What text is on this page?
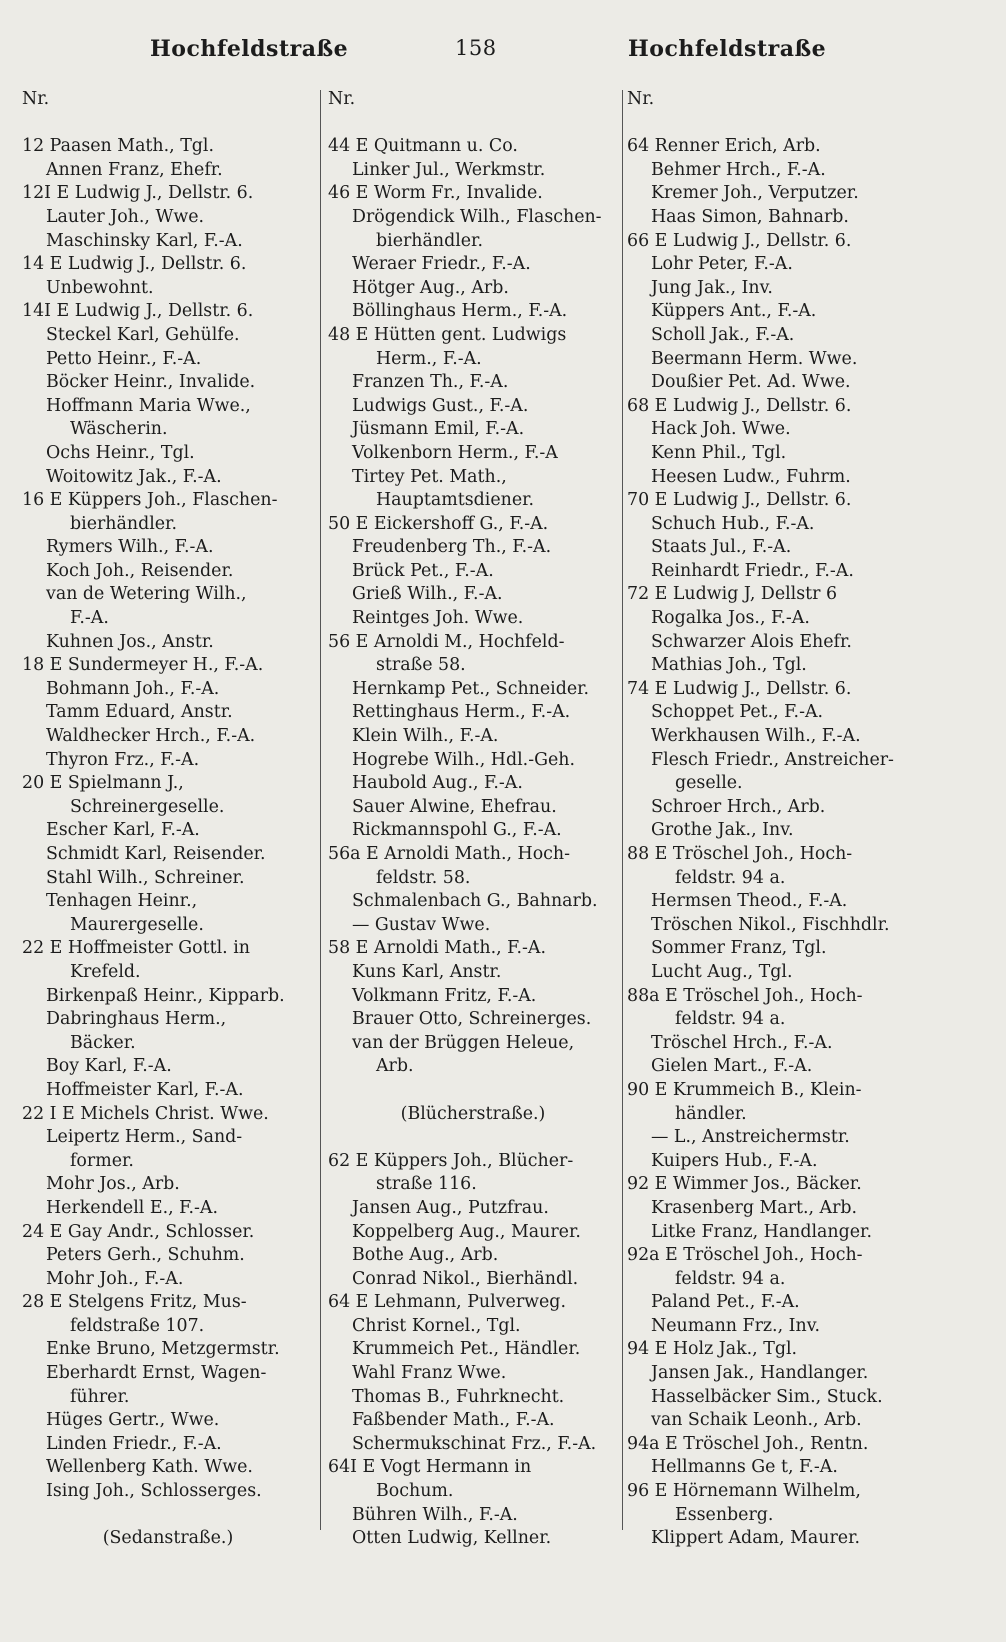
Hochfeldstraße	158	Hochfeldstraße
Nr.
12 Paasen Math., Tgl.
Annen Franz, Ehefr.
12I E Ludwig J., Dellstr. 6.
Lauter Joh., Wwe.
Maschinsky Karl, F.-A.
14 E Ludwig J., Dellstr. 6.
Unbewohnt.
14I E Ludwig J., Dellstr. 6.
Steckel Karl, Gehülfe.
Petto Heinr., F.-A.
Böcker Heinr., Invalide.
Hoffmann Maria Wwe.,
Wäscherin.
Ochs Heinr., Tgl.
Woitowitz Jak., F.-A.
16 E Küppers Joh., Flaschen-
bierhändler.
Rymers Wilh., F.-A.
Koch Joh., Reisender.
van de Wetering Wilh.,
F.-A.
Kuhnen Jos., Anstr.
18 E Sundermeyer H., F.-A.
Bohmann Joh., F.-A.
Tamm Eduard, Anstr.
Waldhecker Hrch., F.-A.
Thyron Frz., F.-A.
20 E Spielmann J.,
Schreinergeselle.
Escher Karl, F.-A.
Schmidt Karl, Reisender.
Stahl Wilh., Schreiner.
Tenhagen Heinr.,
Maurergeselle.
22 E Hoffmeister Gottl. in
Krefeld.
Birkenpaß Heinr., Kipparb.
Dabringhaus Herm.,
Bäcker.
Boy Karl, F.-A.
Hoffmeister Karl, F.-A.
22 I E Michels Christ. Wwe.
Leipertz Herm., Sand-
former.
Mohr Jos., Arb.
Herkendell E., F.-A.
24 E Gay Andr., Schlosser.
Peters Gerh., Schuhm.
Mohr Joh., F.-A.
28 E Stelgens Fritz, Mus-
feldstraße 107.
Enke Bruno, Metzgermstr.
Eberhardt Ernst, Wagen-
führer.
Hüges Gertr., Wwe.
Linden Friedr., F.-A.
Wellenberg Kath. Wwe.
Ising Joh., Schlosserges.
(Sedanstraße.)
Nr.
44 E Quitmann u. Co.
Linker Jul., Werkmstr.
46 E Worm Fr., Invalide.
Drögendick Wilh., Flaschen-
bierhändler.
Weraer Friedr., F.-A.
Hötger Aug., Arb.
Böllinghaus Herm., F.-A.
48 E Hütten gent. Ludwigs
Herm., F.-A.
Franzen Th., F.-A.
Ludwigs Gust., F.-A.
Jüsmann Emil, F.-A.
Volkenborn Herm., F.-A
Tirtey Pet. Math.,
Hauptamtsdiener.
50 E Eickershoff G., F.-A.
Freudenberg Th., F.-A.
Brück Pet., F.-A.
Grieß Wilh., F.-A.
Reintges Joh. Wwe.
56 E Arnoldi M., Hochfeld-
straße 58.
Hernkamp Pet., Schneider.
Rettinghaus Herm., F.-A.
Klein Wilh., F.-A.
Hogrebe Wilh., Hdl.-Geh.
Haubold Aug., F.-A.
Sauer Alwine, Ehefrau.
Rickmannspohl G., F.-A.
56a E Arnoldi Math., Hoch-
feldstr. 58.
Schmalenbach G., Bahnarb.
— Gustav Wwe.
58 E Arnoldi Math., F.-A.
Kuns Karl, Anstr.
Volkmann Fritz, F.-A.
Brauer Otto, Schreinerges.
van der Brüggen Heleue,
Arb.
(Blücherstraße.)
62 E Küppers Joh., Blücher-
straße 116.
Jansen Aug., Putzfrau.
Koppelberg Aug., Maurer.
Bothe Aug., Arb.
Conrad Nikol., Bierhändl.
64 E Lehmann, Pulverweg.
Christ Kornel., Tgl.
Krummeich Pet., Händler.
Wahl Franz Wwe.
Thomas B., Fuhrknecht.
Faßbender Math., F.-A.
Schermukschinat Frz., F.-A.
64I E Vogt Hermann in
Bochum.
Bühren Wilh., F.-A.
Otten Ludwig, Kellner.
Nr.
64 Renner Erich, Arb.
Behmer Hrch., F.-A.
Kremer Joh., Verputzer.
Haas Simon, Bahnarb.
66 E Ludwig J., Dellstr. 6.
Lohr Peter, F.-A.
Jung Jak., Inv.
Küppers Ant., F.-A.
Scholl Jak., F.-A.
Beermann Herm. Wwe.
Doußier Pet. Ad. Wwe.
68 E Ludwig J., Dellstr. 6.
Hack Joh. Wwe.
Kenn Phil., Tgl.
Heesen Ludw., Fuhrm.
70 E Ludwig J., Dellstr. 6.
Schuch Hub., F.-A.
Staats Jul., F.-A.
Reinhardt Friedr., F.-A.
72 E Ludwig J, Dellstr 6
Rogalka Jos., F.-A.
Schwarzer Alois Ehefr.
Mathias Joh., Tgl.
74 E Ludwig J., Dellstr. 6.
Schoppet Pet., F.-A.
Werkhausen Wilh., F.-A.
Flesch Friedr., Anstreicher-
geselle.
Schroer Hrch., Arb.
Grothe Jak., Inv.
88 E Tröschel Joh., Hoch-
feldstr. 94 a.
Hermsen Theod., F.-A.
Tröschen Nikol., Fischhdlr.
Sommer Franz, Tgl.
Lucht Aug., Tgl.
88a E Tröschel Joh., Hoch-
feldstr. 94 a.
Tröschel Hrch., F.-A.
Gielen Mart., F.-A.
90 E Krummeich B., Klein-
händler.
— L., Anstreichermstr.
Kuipers Hub., F.-A.
92 E Wimmer Jos., Bäcker.
Krasenberg Mart., Arb.
Litke Franz, Handlanger.
92a E Tröschel Joh., Hoch-
feldstr. 94 a.
Paland Pet., F.-A.
Neumann Frz., Inv.
94 E Holz Jak., Tgl.
Jansen Jak., Handlanger.
Hasselbäcker Sim., Stuck.
van Schaik Leonh., Arb.
94a E Tröschel Joh., Rentn.
Hellmanns Ge t, F.-A.
96 E Hörnemann Wilhelm,
Essenberg.
Klippert Adam, Maurer.
